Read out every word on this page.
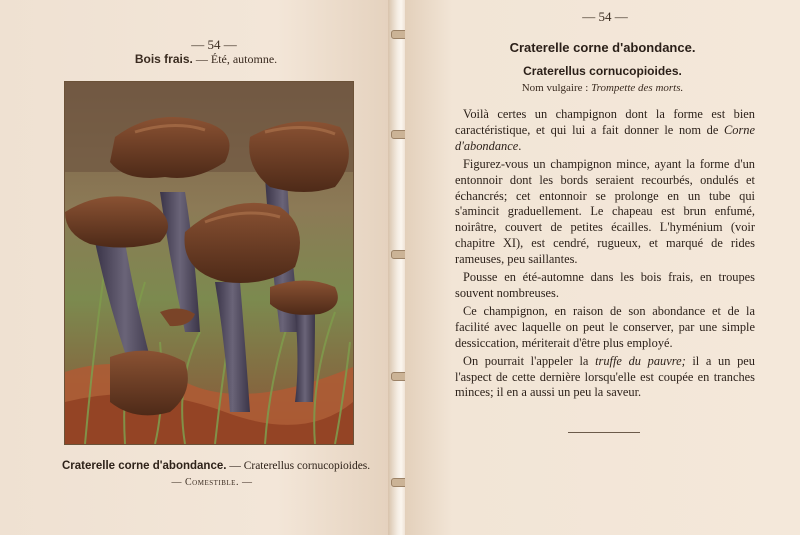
— 54 —
Bois frais. — Été, automne.
Craterelle corne d'abondance. — Craterellus cornucopioides.
— Comestible. —
— 54 —
Craterelle corne d'abondance.
Craterellus cornucopioides.
Nom vulgaire : Trompette des morts.

Voilà certes un champignon dont la forme est bien caractéristique, et qui lui a fait donner le nom de Corne d'abondance.

Figurez-vous un champignon mince, ayant la forme d'un entonnoir dont les bords seraient recourbés, ondulés et échancrés; cet entonnoir se prolonge en un tube qui s'amincit graduellement. Le chapeau est brun enfumé, noirâtre, couvert de petites écailles. L'hyménium (voir chapitre XI), est cendré, rugueux, et marqué de rides rameuses, peu saillantes.

Pousse en été-automne dans les bois frais, en troupes souvent nombreuses.

Ce champignon, en raison de son abondance et de la facilité avec laquelle on peut le conserver, par une simple dessiccation, mériterait d'être plus employé.

On pourrait l'appeler la truffe du pauvre; il a un peu l'aspect de cette dernière lorsqu'elle est coupée en tranches minces; il en a aussi un peu la saveur.
